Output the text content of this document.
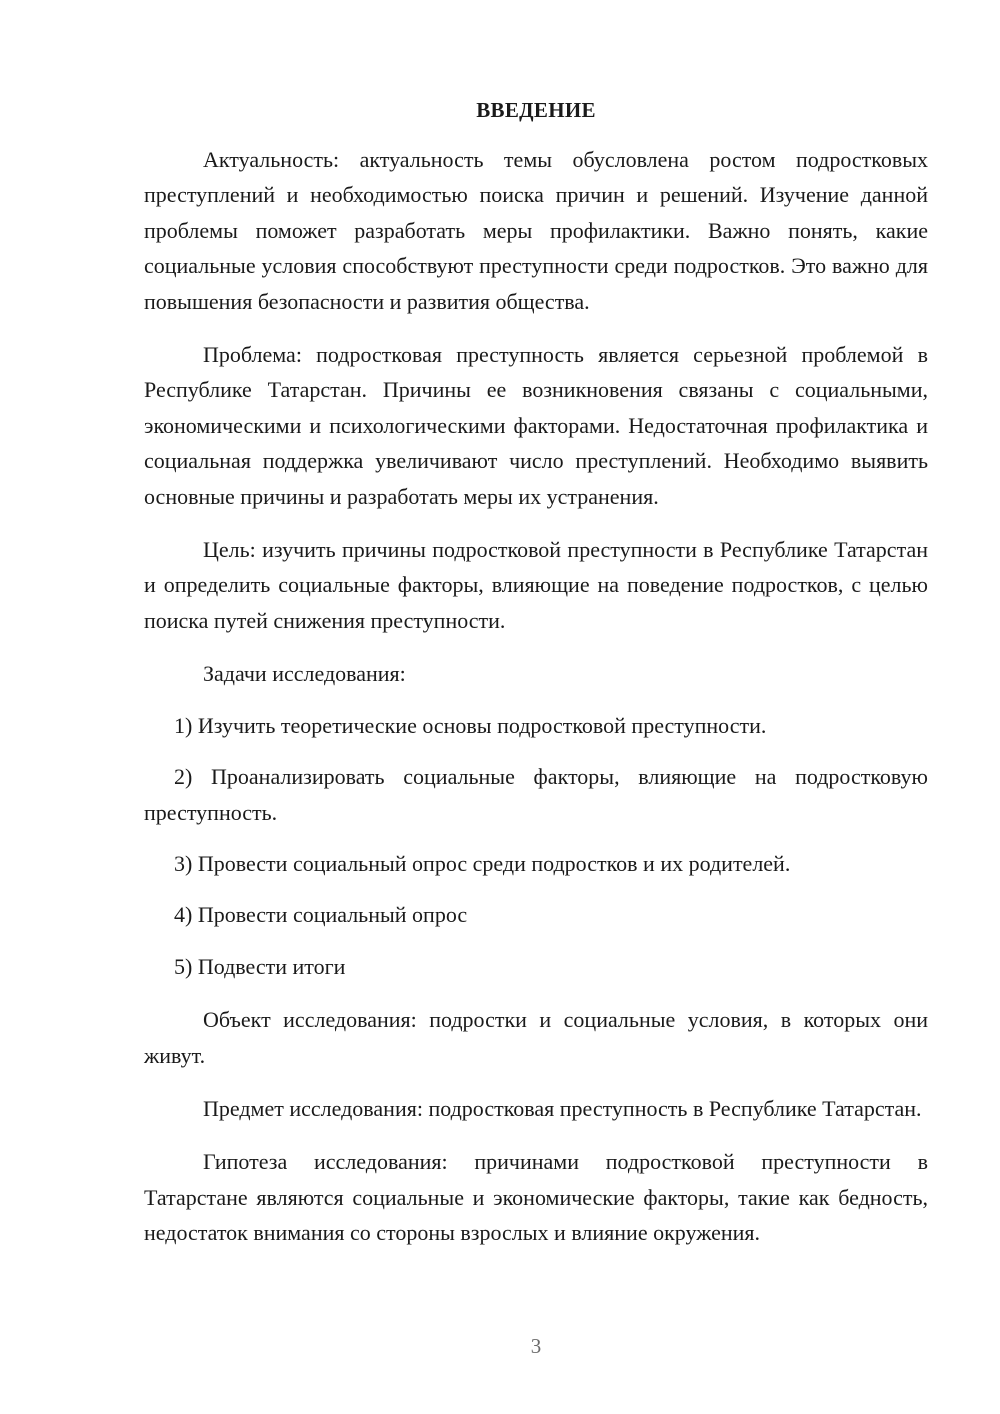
ВВЕДЕНИЕ

Актуальность: актуальность темы обусловлена ростом подростковых преступлений и необходимостью поиска причин и решений. Изучение данной проблемы поможет разработать меры профилактики. Важно понять, какие социальные условия способствуют преступности среди подростков. Это важно для повышения безопасности и развития общества.

Проблема: подростковая преступность является серьезной проблемой в Республике Татарстан. Причины ее возникновения связаны с социальными, экономическими и психологическими факторами. Недостаточная профилактика и социальная поддержка увеличивают число преступлений. Необходимо выявить основные причины и разработать меры их устранения.

Цель: изучить причины подростковой преступности в Республике Татарстан и определить социальные факторы, влияющие на поведение подростков, с целью поиска путей снижения преступности.

Задачи исследования:

1) Изучить теоретические основы подростковой преступности.

2) Проанализировать социальные факторы, влияющие на подростковую преступность.

3) Провести социальный опрос среди подростков и их родителей.

4) Провести социальный опрос

5) Подвести итоги

Объект исследования: подростки и социальные условия, в которых они живут.

Предмет исследования: подростковая преступность в Республике Татарстан.

Гипотеза исследования: причинами подростковой преступности в Татарстане являются социальные и экономические факторы, такие как бедность, недостаток внимания со стороны взрослых и влияние окружения.

3
